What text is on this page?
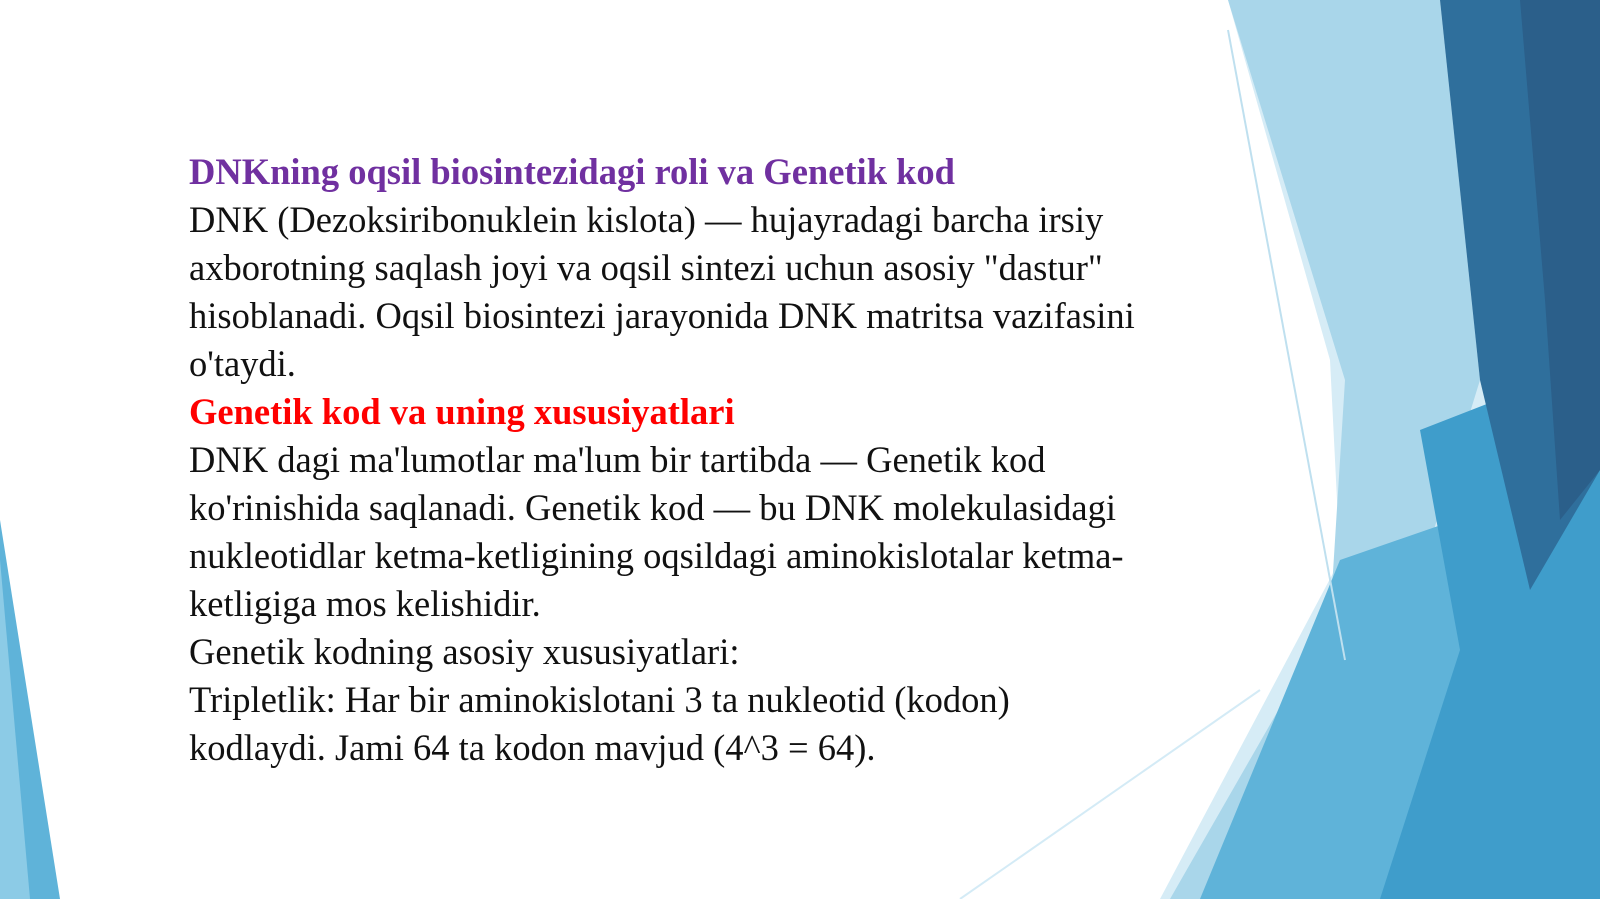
DNKning oqsil biosintezidagi roli va Genetik kod

DNK (Dezoksiribonuklein kislota) — hujayradagi barcha irsiy axborotning saqlash joyi va oqsil sintezi uchun asosiy "dastur" hisoblanadi. Oqsil biosintezi jarayonida DNK matritsa vazifasini o'taydi.

Genetik kod va uning xususiyatlari

DNK dagi ma'lumotlar ma'lum bir tartibda — Genetik kod ko'rinishida saqlanadi. Genetik kod — bu DNK molekulasidagi nukleotidlar ketma-ketligining oqsildagi aminokislotalar ketma-ketligiga mos kelishidir.

Genetik kodning asosiy xususiyatlari:

Tripletlik: Har bir aminokislotani 3 ta nukleotid (kodon) kodlaydi. Jami 64 ta kodon mavjud (4^3 = 64).
